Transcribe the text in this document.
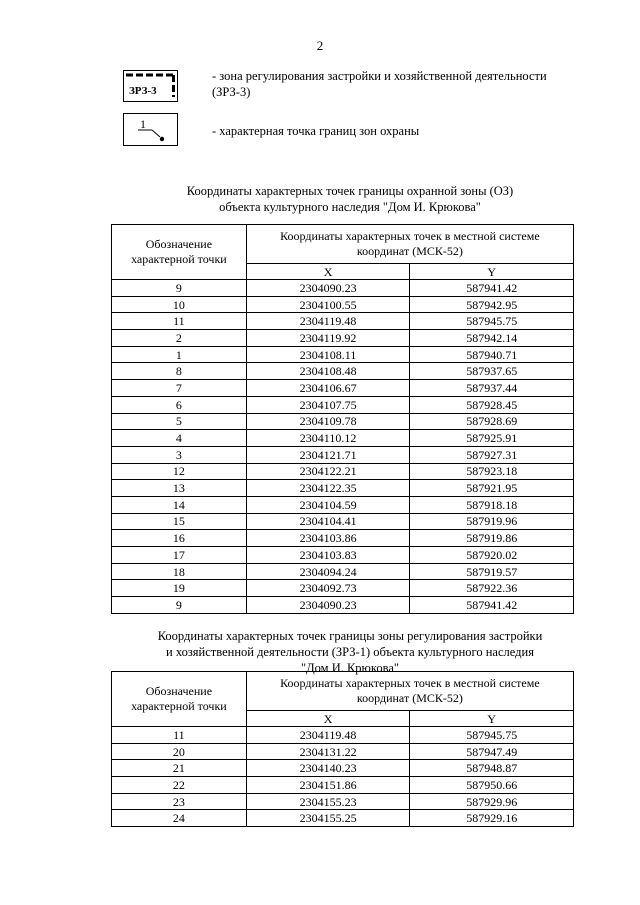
2
ЗРЗ-3
- зона регулирования застройки и хозяйственной деятельности
(ЗРЗ-3)
1	- характерная точка границ зон охраны
Координаты характерных точек границы охранной зоны (ОЗ)
объекта культурного наследия "Дом И. Крюкова"
Обозначение характерной точки	Координаты характерных точек в местной системе координат (МСК-52)	
	X	Y
9	2304090.23	587941.42
10	2304100.55	587942.95
11	2304119.48	587945.75
2	2304119.92	587942.14
1	2304108.11	587940.71
8	2304108.48	587937.65
7	2304106.67	587937.44
6	2304107.75	587928.45
5	2304109.78	587928.69
4	2304110.12	587925.91
3	2304121.71	587927.31
12	2304122.21	587923.18
13	2304122.35	587921.95
14	2304104.59	587918.18
15	2304104.41	587919.96
16	2304103.86	587919.86
17	2304103.83	587920.02
18	2304094.24	587919.57
19	2304092.73	587922.36
9	2304090.23	587941.42
Координаты характерных точек границы зоны регулирования застройки
и хозяйственной деятельности (ЗРЗ-1) объекта культурного наследия
"Дом И. Крюкова"
Обозначение характерной точки	Координаты характерных точек в местной системе координат (МСК-52)	
	X	Y
11	2304119.48	587945.75
20	2304131.22	587947.49
21	2304140.23	587948.87
22	2304151.86	587950.66
23	2304155.23	587929.96
24	2304155.25	587929.16
